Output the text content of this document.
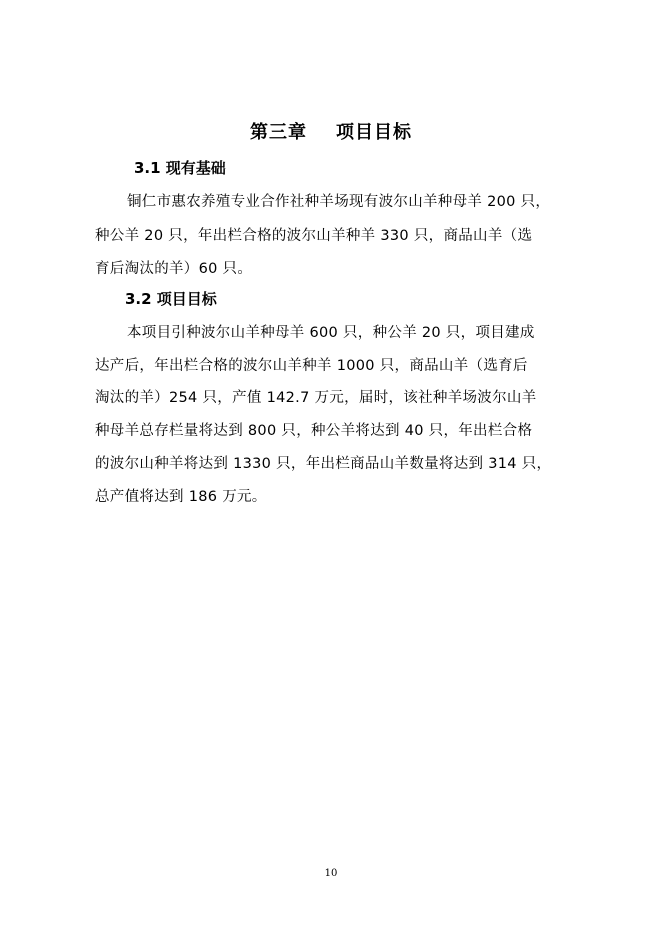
第三章    项目目标
3.1 现有基础
铜仁市惠农养殖专业合作社种羊场现有波尔山羊种母羊 200 只，
种公羊 20 只，年出栏合格的波尔山羊种羊 330 只，商品山羊（选
育后淘汰的羊）60 只。
3.2 项目目标
本项目引种波尔山羊种母羊 600 只，种公羊 20 只，项目建成
达产后，年出栏合格的波尔山羊种羊 1000 只，商品山羊（选育后
淘汰的羊）254 只，产值 142.7 万元，届时，该社种羊场波尔山羊
种母羊总存栏量将达到 800 只，种公羊将达到 40 只，年出栏合格
的波尔山种羊将达到 1330 只，年出栏商品山羊数量将达到 314 只，
总产值将达到 186 万元。
10
